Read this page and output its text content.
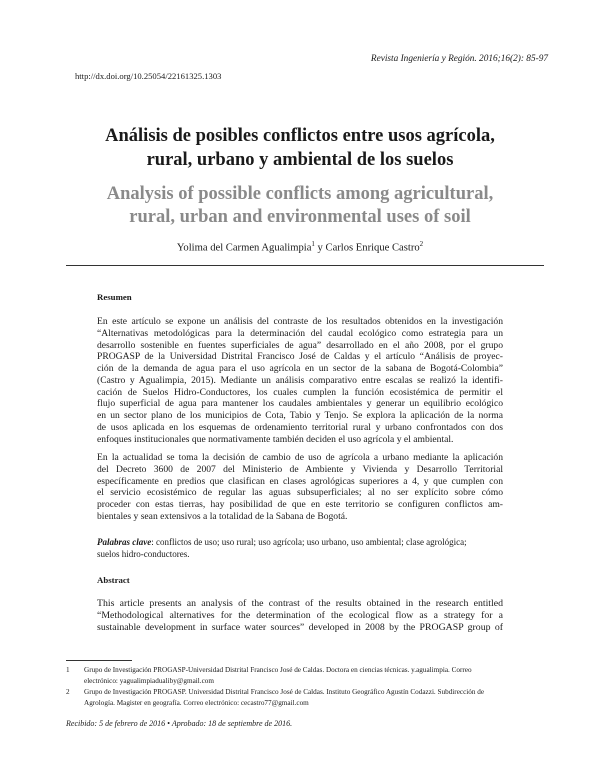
Revista Ingeniería y Región. 2016;16(2): 85-97
http://dx.doi.org/10.25054/22161325.1303
Análisis de posibles conflictos entre usos agrícola,
rural, urbano y ambiental de los suelos
Analysis of possible conflicts among agricultural,
rural, urban and environmental uses of soil
Yolima del Carmen Agualimpia$^1$ y Carlos Enrique Castro$^2$
Resumen
En este artículo se expone un análisis del contraste de los resultados obtenidos en la investigación
“Alternativas metodológicas para la determinación del caudal ecológico como estrategia para un
desarrollo sostenible en fuentes superficiales de agua” desarrollado en el año 2008, por el grupo
PROGASP de la Universidad Distrital Francisco José de Caldas y el artículo “Análisis de proyec-
ción de la demanda de agua para el uso agrícola en un sector de la sabana de Bogotá-Colombia”
(Castro y Agualimpia, 2015). Mediante un análisis comparativo entre escalas se realizó la identifi-
cación de Suelos Hidro-Conductores, los cuales cumplen la función ecosistémica de permitir el
flujo superficial de agua para mantener los caudales ambientales y generar un equilibrio ecológico
en un sector plano de los municipios de Cota, Tabio y Tenjo. Se explora la aplicación de la norma
de usos aplicada en los esquemas de ordenamiento territorial rural y urbano confrontados con dos
enfoques institucionales que normativamente también deciden el uso agrícola y el ambiental.
En la actualidad se toma la decisión de cambio de uso de agrícola a urbano mediante la aplicación
del Decreto 3600 de 2007 del Ministerio de Ambiente y Vivienda y Desarrollo Territorial
específicamente en predios que clasifican en clases agrológicas superiores a 4, y que cumplen con
el servicio ecosistémico de regular las aguas subsuperficiales; al no ser explícito sobre cómo
proceder con estas tierras, hay posibilidad de que en este territorio se configuren conflictos am-
bientales y sean extensivos a la totalidad de la Sabana de Bogotá.
Palabras clave: conflictos de uso; uso rural; uso agrícola; uso urbano, uso ambiental; clase agrológica;
suelos hidro-conductores.
Abstract
This article presents an analysis of the contrast of the results obtained in the research entitled
“Methodological alternatives for the determination of the ecological flow as a strategy for a
sustainable development in surface water sources” developed in 2008 by the PROGASP group of
1 Grupo de Investigación PROGASP-Universidad Distrital Francisco José de Caldas. Doctora en ciencias técnicas. y.agualimpia. Correo
electrónico: yagualimpiadualiby@gmail.com
2 Grupo de Investigación PROGASP. Universidad Distrital Francisco José de Caldas. Instituto Geográfico Agustín Codazzi. Subdirección de
Agrología. Magister en geografía. Correo electrónico: cecastro77@gmail.com
Recibido: 5 de febrero de 2016 • Aprobado: 18 de septiembre de 2016.
